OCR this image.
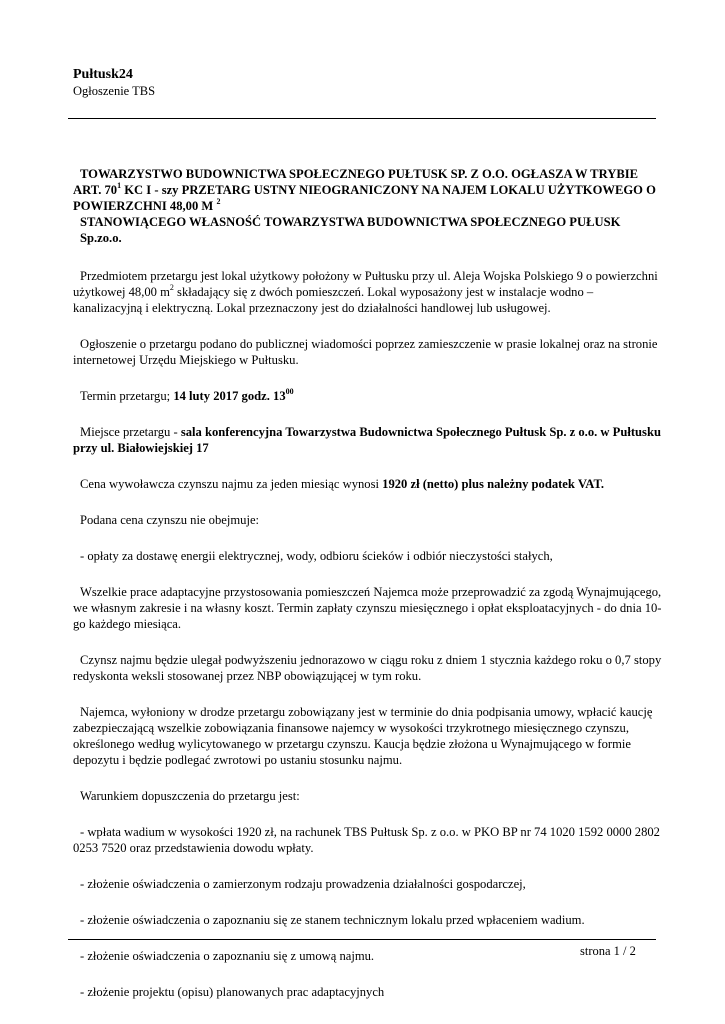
Pułtusk24
Ogłoszenie TBS

TOWARZYSTWO BUDOWNICTWA SPOŁECZNEGO PUŁTUSK SP. Z O.O. OGŁASZA W TRYBIE

ART. $70^1$ KC I - szy PRZETARG USTNY NIEOGRANICZONY NA NAJEM LOKALU UŻYTKOWEGO O

POWIERZCHNI 48,00 M $^2$

STANOWIĄCEGO WŁASNOŚĆ TOWARZYSTWA BUDOWNICTWA SPOŁECZNEGO PUŁUSK Sp.zo.o.

Przedmiotem przetargu jest lokal użytkowy położony w Pułtusku przy ul. Aleja Wojska Polskiego 9 o powierzchni użytkowej 48,00 $m^2$ składający się z dwóch pomieszczeń. Lokal wyposażony jest w instalacje wodno – kanalizacyjną i elektryczną. Lokal przeznaczony jest do działalności handlowej lub usługowej.

Ogłoszenie o przetargu podano do publicznej wiadomości poprzez zamieszczenie w prasie lokalnej oraz na stronie internetowej Urzędu Miejskiego w Pułtusku.

Termin przetargu; 14 luty 2017 godz. $13^{00}$

Miejsce przetargu - sala konferencyjna Towarzystwa Budownictwa Społecznego Pułtusk Sp. z o.o. w Pułtusku przy ul. Białowiejskiej 17

Cena wywoławcza czynszu najmu za jeden miesiąc wynosi 1920 zł (netto) plus należny podatek VAT.

Podana cena czynszu nie obejmuje:

- opłaty za dostawę energii elektrycznej, wody, odbioru ścieków i odbiór nieczystości stałych,

Wszelkie prace adaptacyjne przystosowania pomieszczeń Najemca może przeprowadzić za zgodą Wynajmującego, we własnym zakresie i na własny koszt. Termin zapłaty czynszu miesięcznego i opłat eksploatacyjnych - do dnia 10-go każdego miesiąca.

Czynsz najmu będzie ulegał podwyższeniu jednorazowo w ciągu roku z dniem 1 stycznia każdego roku o 0,7 stopy redyskonta weksli stosowanej przez NBP obowiązującej w tym roku.

Najemca, wyłoniony w drodze przetargu zobowiązany jest w terminie do dnia podpisania umowy, wpłacić kaucję zabezpieczającą wszelkie zobowiązania finansowe najemcy w wysokości trzykrotnego miesięcznego czynszu, określonego według wylicytowanego w przetargu czynszu. Kaucja będzie złożona u Wynajmującego w formie depozytu i będzie podlegać zwrotowi po ustaniu stosunku najmu.

Warunkiem dopuszczenia do przetargu jest:

- wpłata wadium w wysokości 1920 zł, na rachunek TBS Pułtusk Sp. z o.o. w PKO BP nr 74 1020 1592 0000 2802 0253 7520 oraz przedstawienia dowodu wpłaty.

- złożenie oświadczenia o zamierzonym rodzaju prowadzenia działalności gospodarczej,

- złożenie oświadczenia o zapoznaniu się ze stanem technicznym lokalu przed wpłaceniem wadium.

- złożenie oświadczenia o zapoznaniu się z umową najmu.

- złożenie projektu (opisu) planowanych prac adaptacyjnych

strona 1 / 2
